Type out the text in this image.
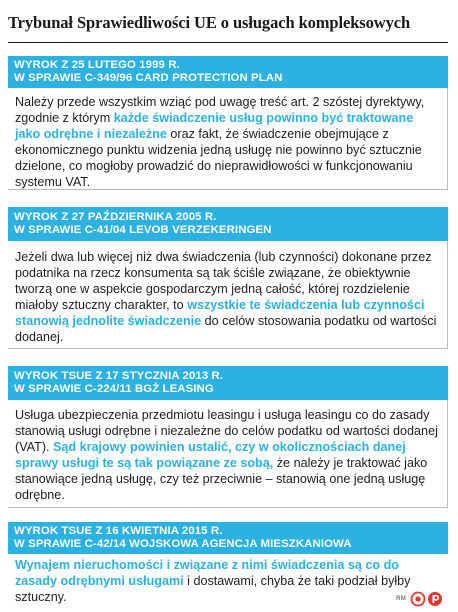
Trybunał Sprawiedliwości UE o usługach kompleksowych
WYROK Z 25 LUTEGO 1999 R.
W SPRAWIE C-349/96 CARD PROTECTION PLAN
Należy przede wszystkim wziąć pod uwagę treść art. 2 szóstej dyrektywy, zgodnie z którym każde świadczenie usług powinno być traktowane jako odrębne i niezależne oraz fakt, że świadczenie obejmujące z ekonomicznego punktu widzenia jedną usługę nie powinno być sztucznie dzielone, co mogłoby prowadzić do nieprawidłowości w funkcjonowaniu systemu VAT.
WYROK Z 27 PAŹDZIERNIKA 2005 R.
W SPRAWIE C-41/04 LEVOB VERZEKERINGEN
Jeżeli dwa lub więcej niż dwa świadczenia (lub czynności) dokonane przez podatnika na rzecz konsumenta są tak ściśle związane, że obiektywnie tworzą one w aspekcie gospodarczym jedną całość, której rozdzielenie miałoby sztuczny charakter, to wszystkie te świadczenia lub czynności stanowią jednolite świadczenie do celów stosowania podatku od wartości dodanej.
WYROK TSUE Z 17 STYCZNIA 2013 R.
W SPRAWIE C-224/11 BGŻ LEASING
Usługa ubezpieczenia przedmiotu leasingu i usługa leasingu co do zasady stanowią usługi odrębne i niezależne do celów podatku od wartości dodanej (VAT). Sąd krajowy powinien ustalić, czy w okolicznościach danej sprawy usługi te są tak powiązane ze sobą, że należy je traktować jako stanowiące jedną usługę, czy też przeciwnie – stanowią one jedną usługę odrębne.
WYROK TSUE Z 16 KWIETNIA 2015 R.
W SPRAWIE C-42/14 WOJSKOWA AGENCJA MIESZKANIOWA
Wynajem nieruchomości i związane z nimi świadczenia są co do zasady odrębnymi usługami i dostawami, chyba że taki podział byłby sztuczny.	RM
